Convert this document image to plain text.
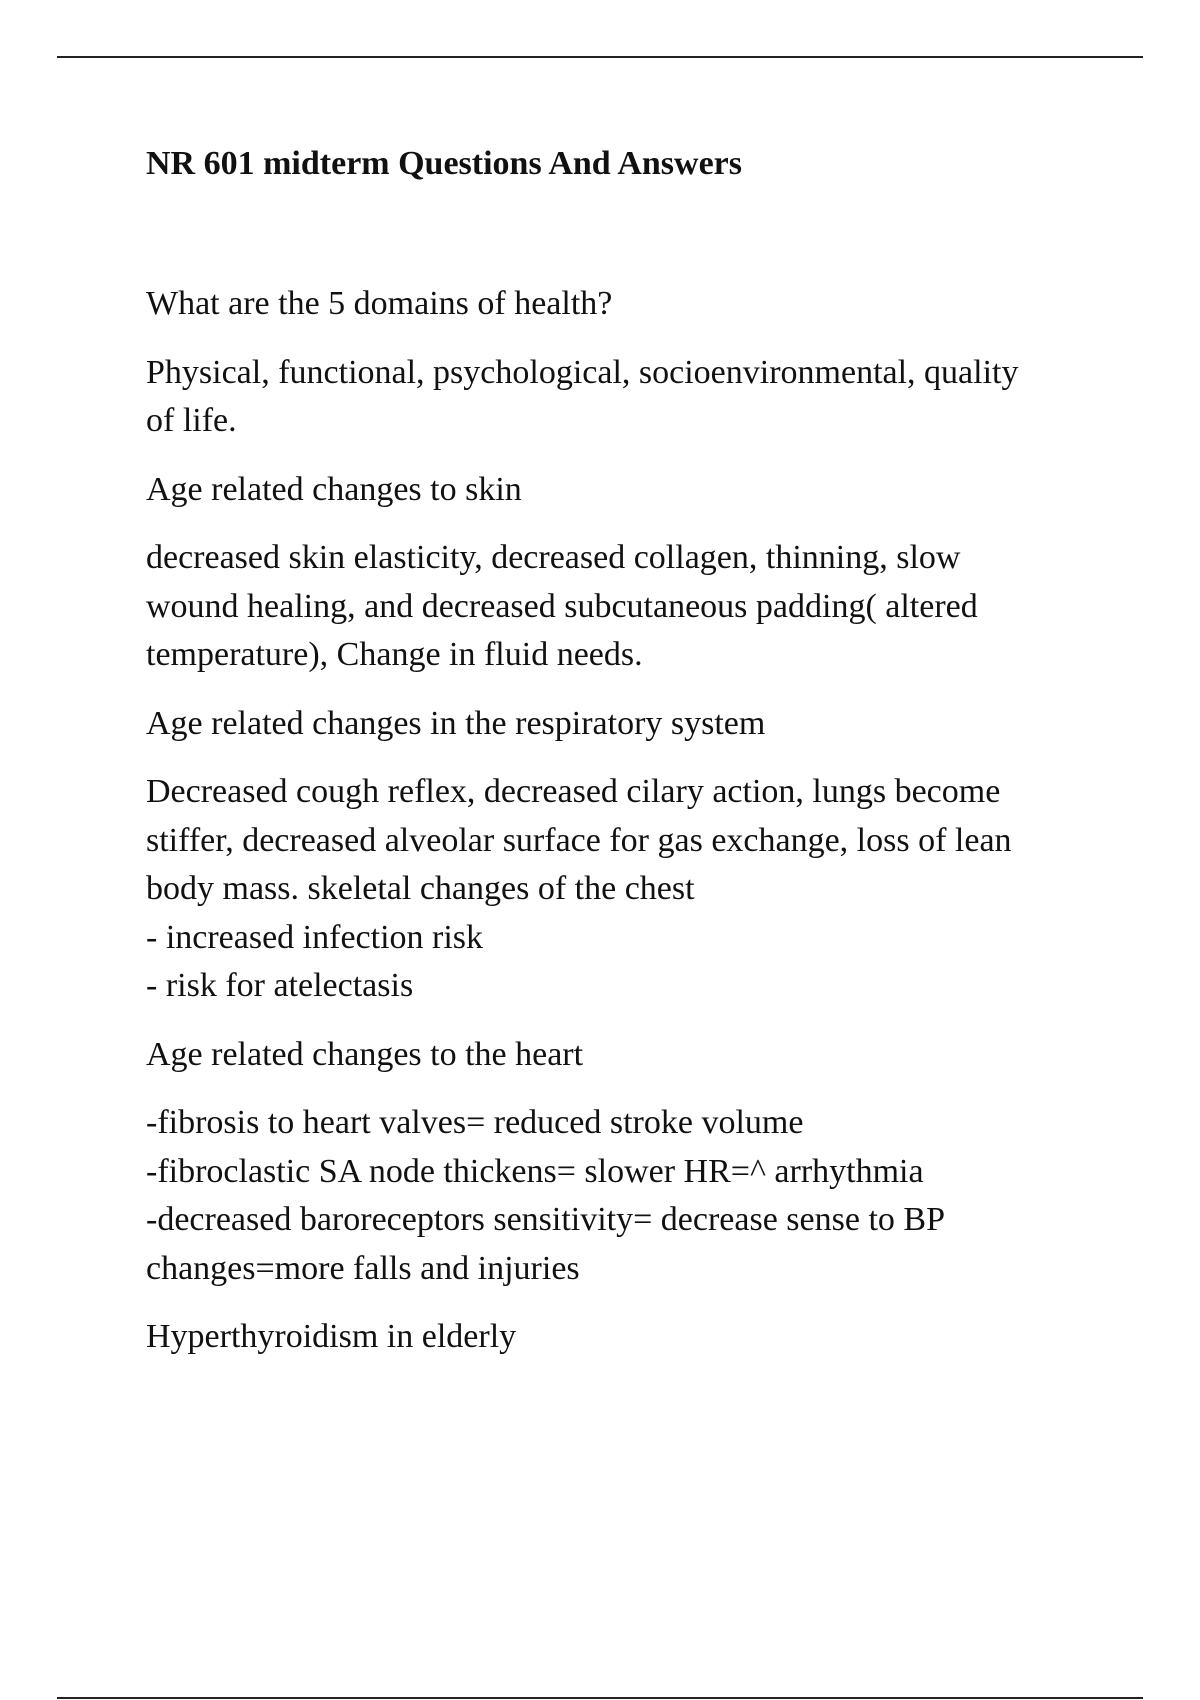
NR 601 midterm Questions And Answers

What are the 5 domains of health?

Physical, functional, psychological, socioenvironmental, quality
of life.

Age related changes to skin

decreased skin elasticity, decreased collagen, thinning, slow
wound healing, and decreased subcutaneous padding( altered
temperature), Change in fluid needs.

Age related changes in the respiratory system

Decreased cough reflex, decreased cilary action, lungs become
stiffer, decreased alveolar surface for gas exchange, loss of lean
body mass. skeletal changes of the chest
- increased infection risk
- risk for atelectasis

Age related changes to the heart

-fibrosis to heart valves= reduced stroke volume
-fibroclastic SA node thickens= slower HR=^ arrhythmia
-decreased baroreceptors sensitivity= decrease sense to BP
changes=more falls and injuries

Hyperthyroidism in elderly
